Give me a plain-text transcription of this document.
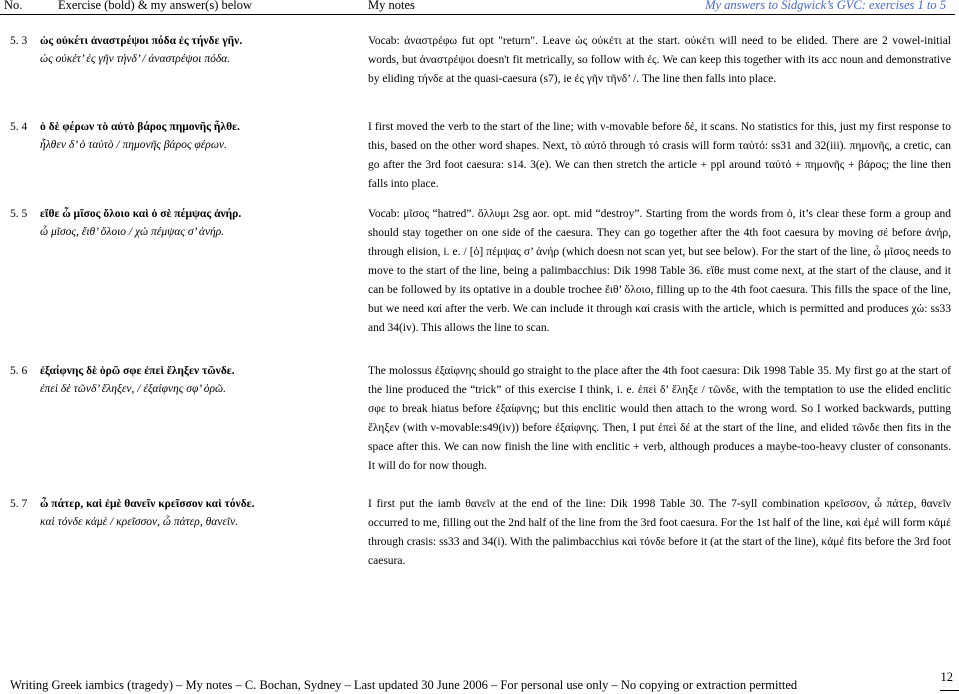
No.	Exercise (bold) & my answer(s) below	My notes	My answers to Sidgwick’s GVC: exercises 1 to 5
5. 3 ὡς οὐκέτι ἀναστρέψοι πόδα ἐς τήνδε γῆν.
ὡς οὐκέτ’ ἐς γῆν τήνδ’ / ἀναστρέψοι πόδα.
Vocab: ἀναστρέφω fut opt "return". Leave ὡς οὐκέτι at the start. οὐκέτι will need to be elided. There are 2 vowel-initial words, but ἀναστρέψοι doesn't fit metrically, so follow with ἐς. We can keep this together with its acc noun and demonstrative by eliding τήνδε at the quasi-caesura (s7), ie ἐς γῆν τῆνδ’ /. The line then falls into place.
5. 4 ὁ δὲ φέρων τὸ αὐτὸ βάρος πημονῆς ἦλθε.
ἦλθεν δ’ ὁ ταὐτὸ / πημονῆς βάρος φέρων.
I first moved the verb to the start of the line; with ν-movable before δέ, it scans. No statistics for this, just my first response to this, based on the other word shapes. Next, τὸ αὐτό through τό crasis will form ταὐτό: ss31 and 32(iii). πημονῆς, a cretic, can go after the 3rd foot caesura: s14. 3(e). We can then stretch the article + ppl around ταὐτό + πημονῆς + βάρος; the line then falls into place.
5. 5 εἴθε ὦ μῖσος ὄλοιο καὶ ὁ σὲ πέμψας ἀνήρ.
ὦ μῖσος, ἔιθ’ ὄλοιο / χὠ πέμψας σ’ ἀνήρ.
Vocab: μῖσος “hatred”. ὄλλυμι 2sg aor. opt. mid “destroy”. Starting from the words from ὁ, it’s clear these form a group and should stay together on one side of the caesura. They can go together after the 4th foot caesura by moving σέ before ἀνήρ, through elision, i. e. / [ὁ] πέμψας σ’ ἀνήρ (which doesn not scan yet, but see below). For the start of the line, ὦ μῖσος needs to move to the start of the line, being a palimbacchius: Dik 1998 Table 36. εἴθε must come next, at the start of the clause, and it can be followed by its optative in a double trochee ἔιθ’ ὄλοιο, filling up to the 4th foot caesura. This fills the space of the line, but we need καί after the verb. We can include it through καί crasis with the article, which is permitted and produces χὠ: ss33 and 34(iv). This allows the line to scan.
5. 6 ἐξαίφνης δὲ ὁρῶ σφε ἐπεὶ ἔληξεν τῶνδε.
ἐπεὶ δὲ τῶνδ’ ἔληξεν, / ἐξαίφνης σφ’ ὁρῶ.
The molossus ἐξαίφνης should go straight to the place after the 4th foot caesura: Dik 1998 Table 35. My first go at the start of the line produced the “trick” of this exercise I think, i. e. ἐπεὶ δ’ ἔληξε / τῶνδε, with the temptation to use the elided enclitic σφε to break hiatus before ἐξαίφνης; but this enclitic would then attach to the wrong word. So I worked backwards, putting ἔληξεν (with ν-movable:s49(iv)) before ἐξαίφνης. Then, I put ἐπεὶ δέ at the start of the line, and elided τῶνδε then fits in the space after this. We can now finish the line with enclitic + verb, although produces a maybe-too-heavy cluster of consonants. It will do for now though.
5. 7 ὦ πάτερ, καὶ ἐμὲ θανεῖν κρεῖσσον καὶ τόνδε.
καὶ τόνδε κἀμὲ / κρεῖσσον, ὦ πάτερ, θανεῖν.
I first put the iamb θανεῖν at the end of the line: Dik 1998 Table 30. The 7-syll combination κρεῖσσον, ὦ πάτερ, θανεῖν occurred to me, filling out the 2nd half of the line from the 3rd foot caesura. For the 1st half of the line, καὶ ἐμέ will form κἀμέ through crasis: ss33 and 34(i). With the palimbacchius καὶ τόνδε before it (at the start of the line), κἀμέ fits before the 3rd foot caesura.
Writing Greek iambics (tragedy) – My notes – C. Bochan, Sydney – Last updated 30 June 2006 – For personal use only – No copying or extraction permitted
12
